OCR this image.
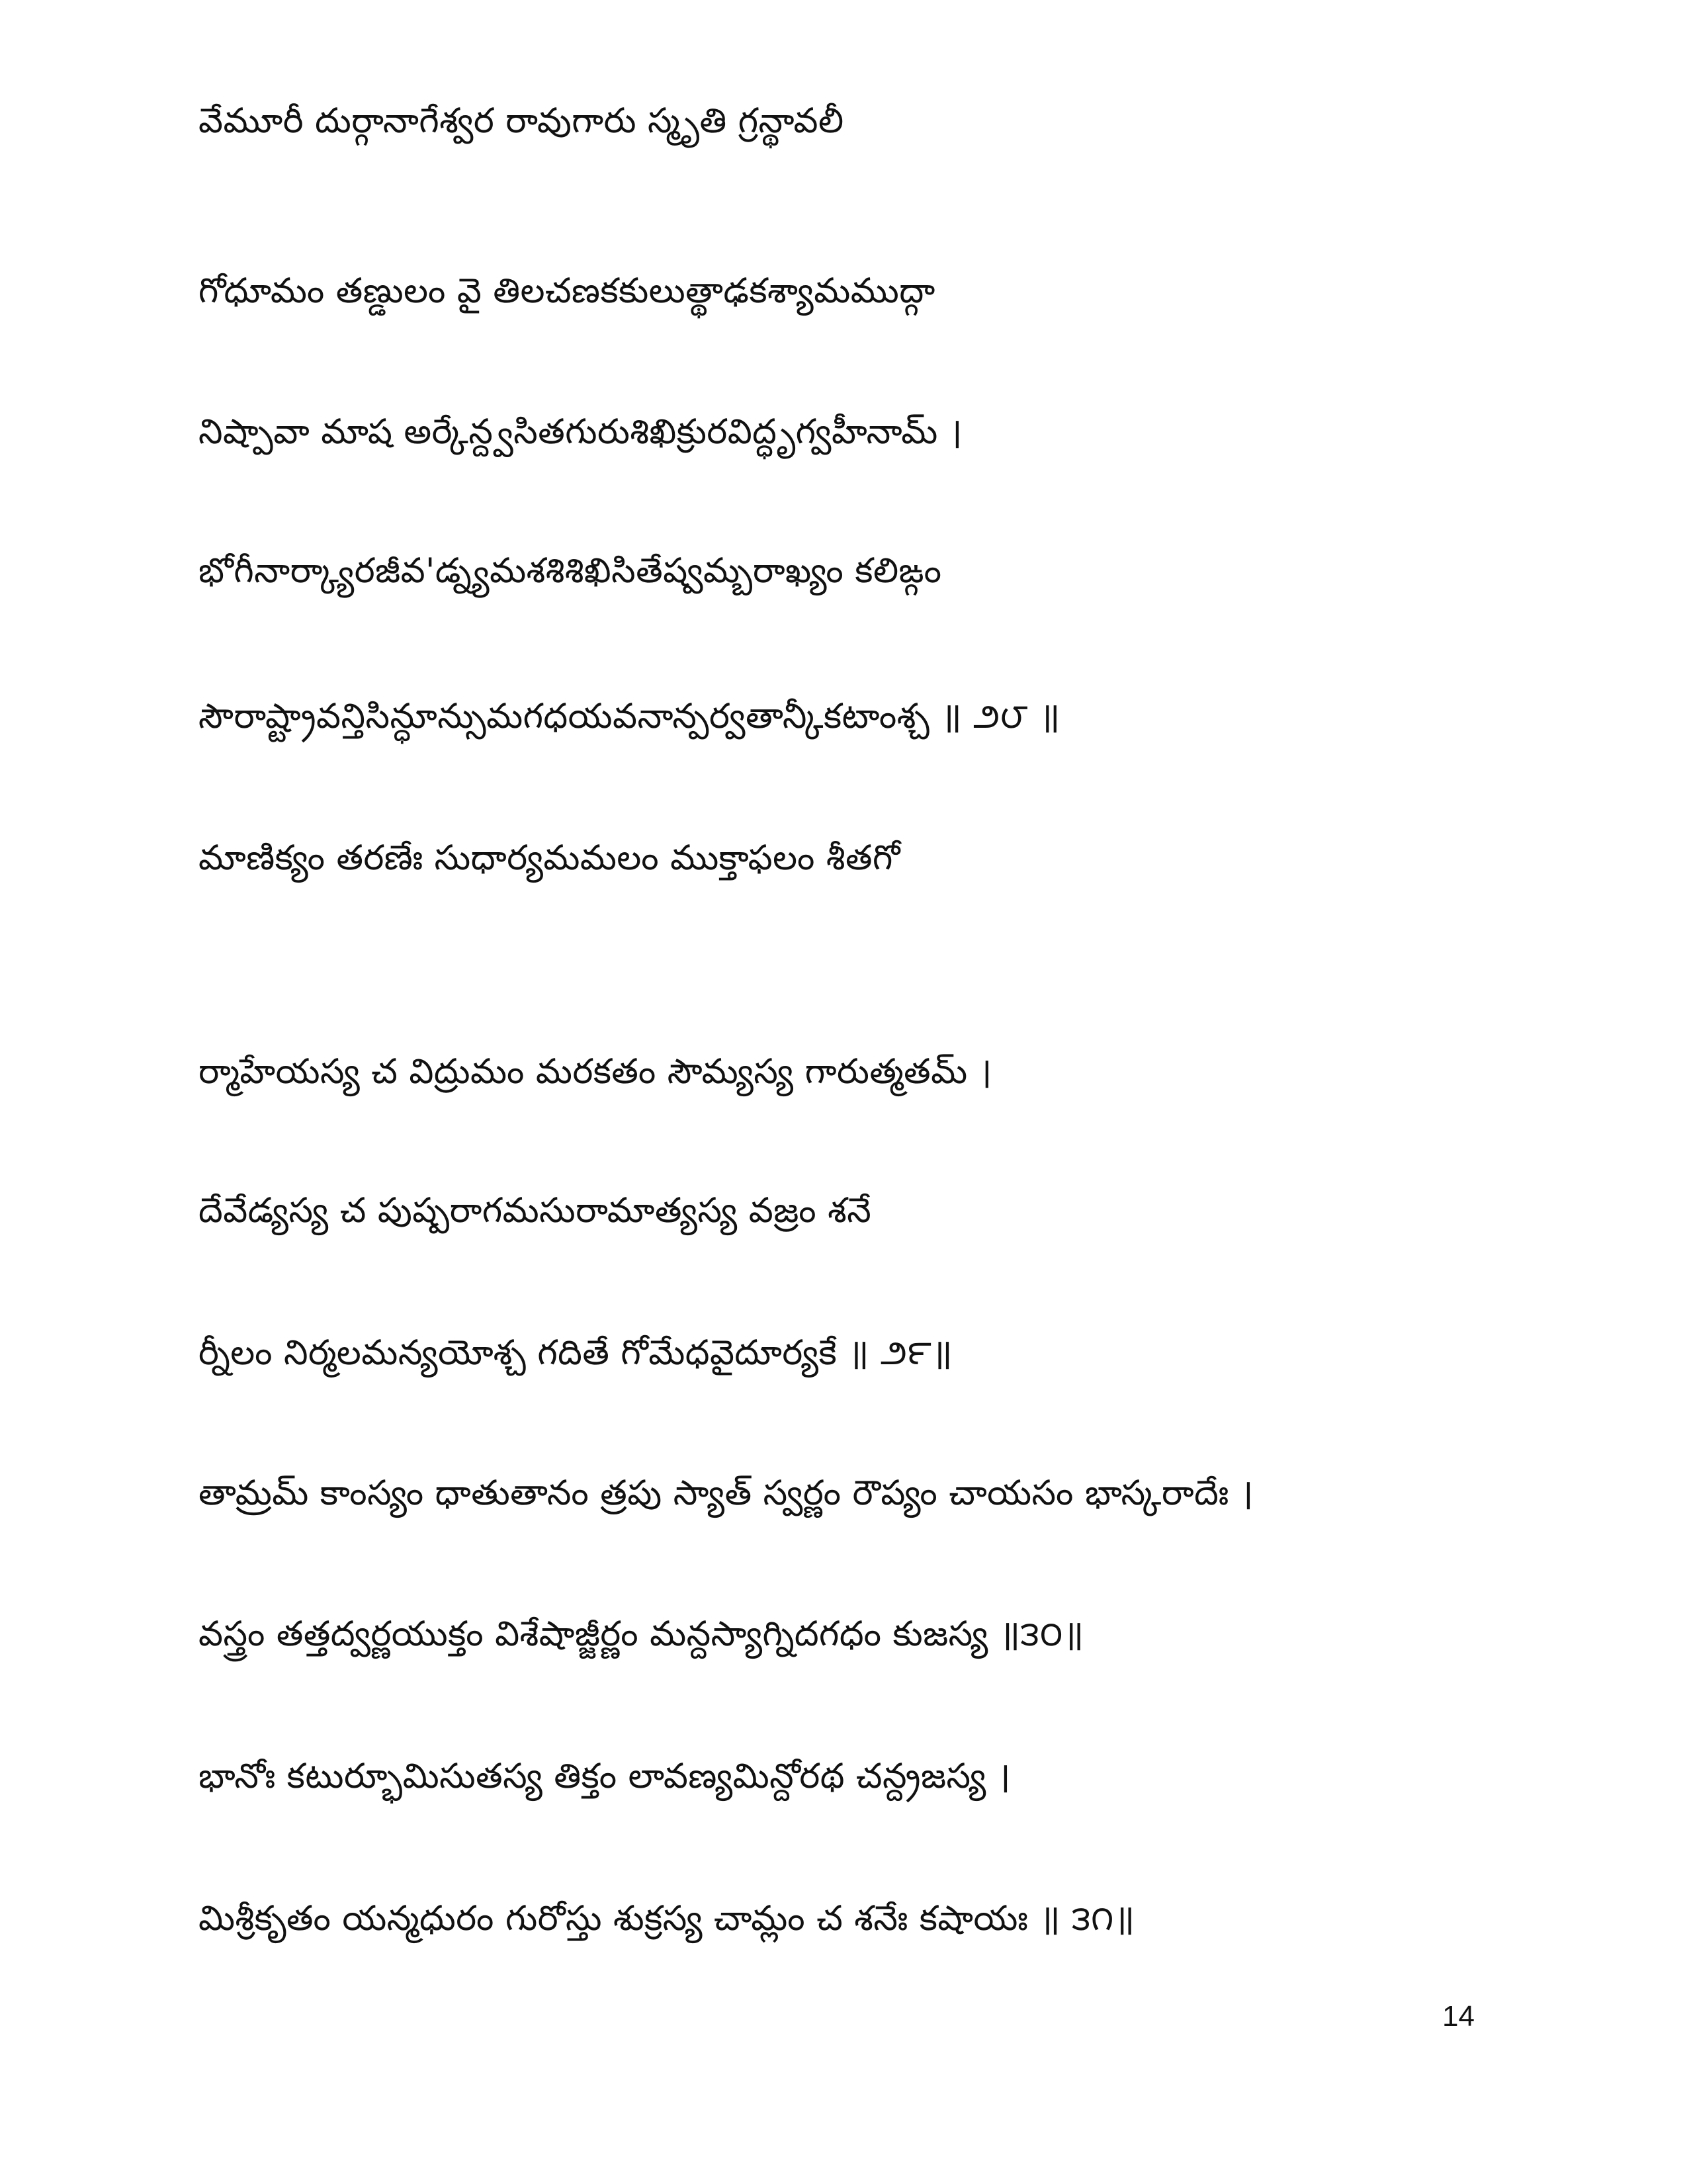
వేమూరీ దుర్గానాగేశ్వర రావుగారు స్మృతి గ్రన్థావలీ
గోధూమం తణ్డులం వై తిలచణకకులుత్థాఢకశ్యామముద్గా
నిష్పావా మాష అర్కేన్ద్వసితగురుశిఖిక్రురవిద్ధృగ్వహీనామ్ ।
భోగీనార్క్యారజీవ'డ్న్యమశశిశిఖిసితేష్వమ్బరాఖ్యం కలిఙ్గం
సౌరాష్ట్రావన్తిసిన్ధూన్సుమగధయవనాన్పర్వతాన్కీకటాంశ్చ ॥ ౨౮ ॥
మాణిక్యం తరణేః సుధార్యమమలం ముక్తాఫలం శీతగో
ర్మాహేయస్య చ విద్రుమం మరకతం సౌమ్యస్య గారుత్మతమ్ ।
దేవేడ్యస్య చ పుష్పరాగమసురామాత్యస్య వజ్రం శనే
ర్నీలం నిర్మలమన్యయోశ్చ గదితే గోమేధవైదూర్యకే ॥ ౨౯॥
తామ్రమ్ కాంస్యం ధాతుతానం త్రపు స్యాత్ స్వర్ణం రౌప్యం చాయసం భాస్కరాదేః ।
వస్త్రం తత్తద్వర్ణయుక్తం విశేషాజ్జీర్ణం మన్దస్యాగ్నిదగధం కుజస్య ॥౩౦॥
భానోః కటుర్భూమిసుతస్య తిక్తం లావణ్యమిన్దోరథ చన్ద్రజస్య ।
మిశ్రీకృతం యన్మధురం గురోస్తు శుక్రస్య చామ్లం చ శనేః కషాయః ॥ ౩౧॥
14
